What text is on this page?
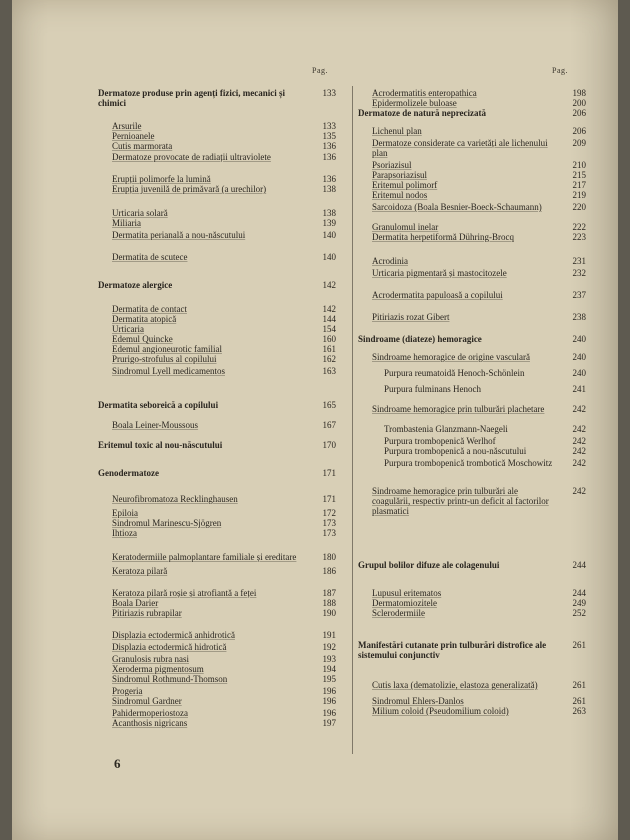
Pag.	Pag.
Dermatoze produse prin agenți fizici, mecanici și chimici
133
Arsurile	133
Pernioanele	135
Cutis marmorata	136
Dermatoze provocate de radiații ultraviolete	136
Erupții polimorfe la lumină	136
Erupția juvenilă de primăvară (a urechilor)	138
Urticaria solară	138
Miliaria	139
Dermatita perianală a nou-născutului	140
Dermatita de scutece	140
Dermatoze alergice	142
Dermatita de contact	142
Dermatita atopică	144
Urticaria	154
Edemul Quincke	160
Edemul angioneurotic familial	161
Prurigo-strofulus al copilului	162
Sindromul Lyell medicamentos	163
Dermatita seboreică a copilului	165
Boala Leiner-Moussous	167
Eritemul toxic al nou-născutului	170
Genodermatoze	171
Neurofibromatoza Recklinghausen	171
Epiloia	172
Sindromul Marinescu-Sjögren	173
Ihtioza	173
Keratodermiile palmoplantare familiale și ereditare	180
Keratoza pilară	186
Keratoza pilară roșie și atrofiantă a feței	187
Boala Darier	188
Pitiriazis rubrapilar	190
Displazia ectodermică anhidrotică	191
Displazia ectodermică hidrotică	192
Granulosis rubra nasi	193
Xeroderma pigmentosum	194
Sindromul Rothmund-Thomson	195
Progeria	196
Sindromul Gardner	196
Pahidermoperiostoza	196
Acanthosis nigricans	197
Acrodermatitis enteropathica	198
Epidermolizele buloase	200
Dermatoze de natură neprecizată	206
Lichenul plan	206
Dermatoze considerate ca varietăți ale lichenului plan
209
Psoriazisul	210
Parapsoriazisul	215
Eritemul polimorf	217
Eritemul nodos	219
Sarcoidoza (Boala Besnier-Boeck-Schaumann)	220
Granulomul inelar	222
Dermatita herpetiformă Dühring-Brocq	223
Acrodinia	231
Urticaria pigmentară și mastocitozele	232
Acrodermatita papuloasă a copilului	237
Pitiriazis rozat Gibert	238
Sindroame (diateze) hemoragice	240
Sindroame hemoragice de origine vasculară	240
Purpura reumatoidă Henoch-Schönlein	240
Purpura fulminans Henoch	241
Sindroame hemoragice prin tulburări plachetare	242
Trombastenia Glanzmann-Naegeli	242
Purpura trombopenică Werlhof	242
Purpura trombopenică a nou-născutului	242
Purpura trombopenică trombotică Moschowitz	242
Sindroame hemoragice prin tulburări ale coagulării, respectiv printr-un deficit al factorilor plasmatici
242
Grupul bolilor difuze ale colagenului	244
Lupusul eritematos	244
Dermatomiozitele	249
Sclerodermiile	252
Manifestări cutanate prin tulburări distrofice ale sistemului conjunctiv
261
Cutis laxa (dematolizie, elastoza generalizată)	261
Sindromul Ehlers-Danlos	261
Milium coloid (Pseudomilium coloid)	263
6
